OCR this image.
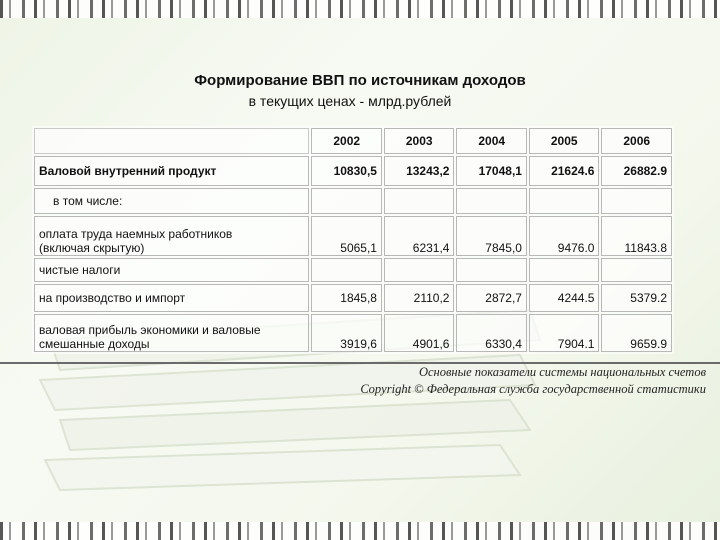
Формирование ВВП по источникам доходов
в текущих ценах - млрд.рублей
	2002	2003	2004	2005	2006
Валовой внутренний продукт	10830,5	13243,2	17048,1	21624.6	26882.9
в том числе:					

оплата труда наемных работников
(включая скрытую)	5065,1	6231,4	7845,0	9476.0	11843.8
чистые налоги					
на производство и импорт	1845,8	2110,2	2872,7	4244.5	5379.2

валовая прибыль экономики и валовые
смешанные доходы	3919,6	4901,6	6330,4	7904.1	9659.9
Основные показатели системы национальных счетов
Copyright © Федеральная служба государственной статистики
